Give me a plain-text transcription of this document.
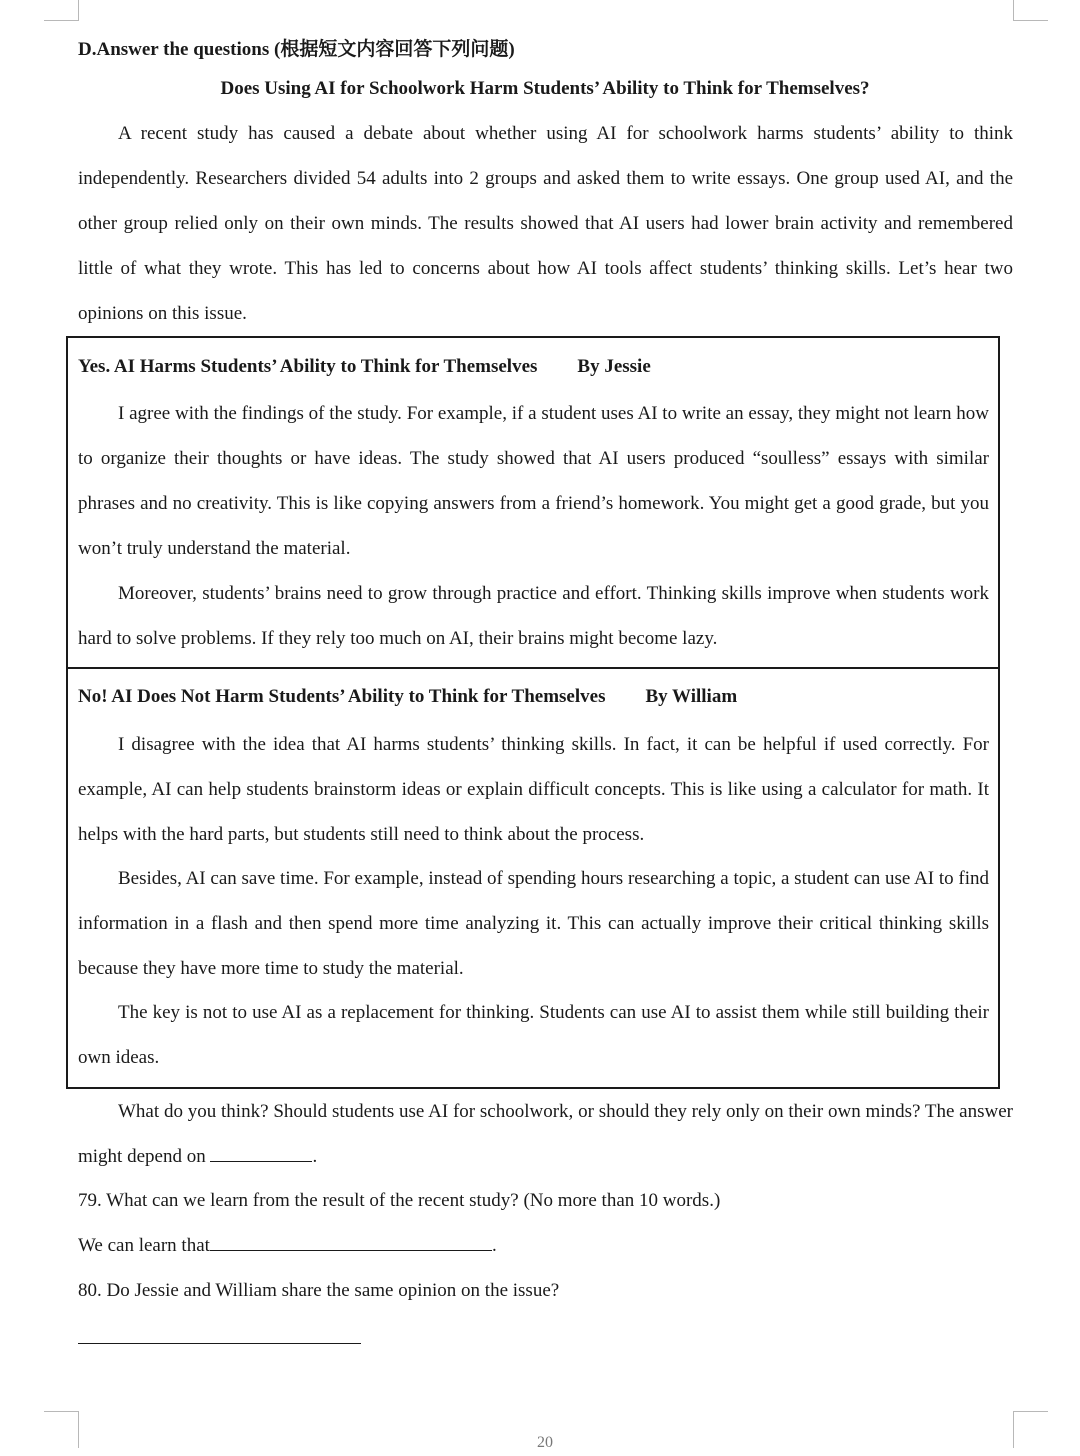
D.Answer the questions (根据短文内容回答下列问题)
Does Using AI for Schoolwork Harm Students’ Ability to Think for Themselves?

A recent study has caused a debate about whether using AI for schoolwork harms students’ ability to think independently. Researchers divided 54 adults into 2 groups and asked them to write essays. One group used AI, and the other group relied only on their own minds. The results showed that AI users had lower brain activity and remembered little of what they wrote. This has led to concerns about how AI tools affect students’ thinking skills. Let’s hear two opinions on this issue.

Yes. AI Harms Students’ Ability to Think for Themselves By Jessie

I agree with the findings of the study. For example, if a student uses AI to write an essay, they might not learn how to organize their thoughts or have ideas. The study showed that AI users produced “soulless” essays with similar phrases and no creativity. This is like copying answers from a friend’s homework. You might get a good grade, but you won’t truly understand the material.

Moreover, students’ brains need to grow through practice and effort. Thinking skills improve when students work hard to solve problems. If they rely too much on AI, their brains might become lazy.

No! AI Does Not Harm Students’ Ability to Think for Themselves By William

I disagree with the idea that AI harms students’ thinking skills. In fact, it can be helpful if used correctly. For example, AI can help students brainstorm ideas or explain difficult concepts. This is like using a calculator for math. It helps with the hard parts, but students still need to think about the process.

Besides, AI can save time. For example, instead of spending hours researching a topic, a student can use AI to find information in a flash and then spend more time analyzing it. This can actually improve their critical thinking skills because they have more time to study the material.

The key is not to use AI as a replacement for thinking. Students can use AI to assist them while still building their own ideas.

What do you think? Should students use AI for schoolwork, or should they rely only on their own minds? The answer might depend on	.

79. What can we learn from the result of the recent study? (No more than 10 words.)
We can learn that	.
80. Do Jessie and William share the same opinion on the issue?
20
